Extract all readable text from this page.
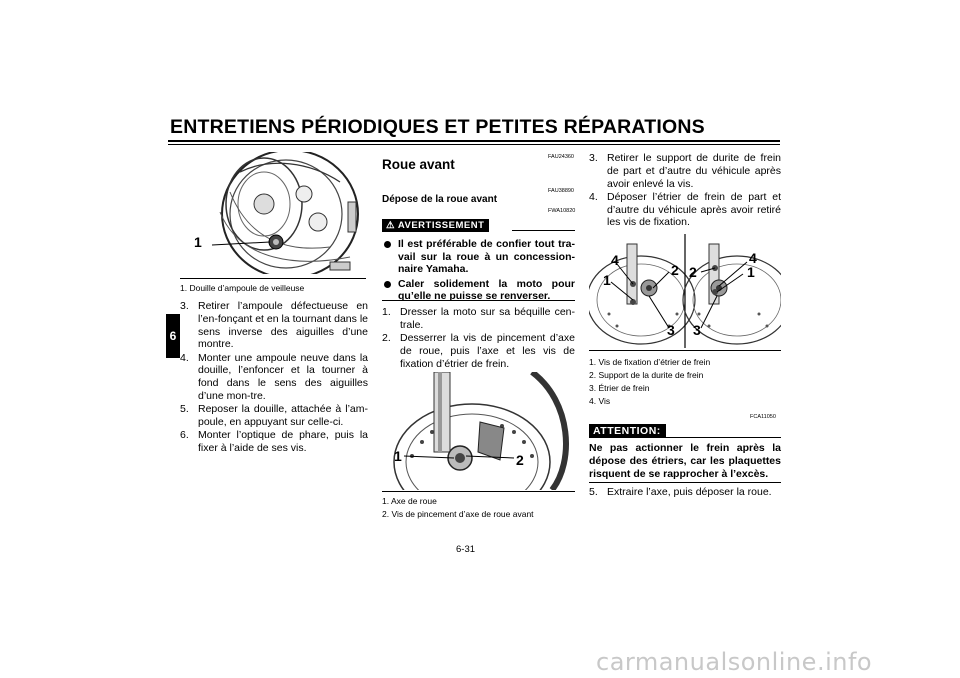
ENTRETIENS PÉRIODIQUES ET PETITES RÉPARATIONS
6
1
1. Douille d’ampoule de veilleuse
3. Retirer l’ampoule défectueuse en l’en-fonçant et en la tournant dans le sens inverse des aiguilles d’une montre.
4. Monter une ampoule neuve dans la douille, l’enfoncer et la tourner à fond dans le sens des aiguilles d’une mon-tre.
5. Reposer la douille, attachée à l’am-poule, en appuyant sur celle-ci.
6. Monter l’optique de phare, puis la fixer à l’aide de ses vis.
FAU24360
Roue avant
FAU38890
Dépose de la roue avant
FWA10820
⚠ AVERTISSEMENT
Il est préférable de confier tout tra-vail sur la roue à un concession-naire Yamaha.
Caler solidement la moto pour qu’elle ne puisse se renverser.
1. Dresser la moto sur sa béquille cen-trale.
2. Desserrer la vis de pincement d’axe de roue, puis l’axe et les vis de fixation d’étrier de frein.
1	2
1. Axe de roue
2. Vis de pincement d’axe de roue avant
3. Retirer le support de durite de frein de part et d’autre du véhicule après avoir enlevé la vis.
4. Déposer l’étrier de frein de part et d’autre du véhicule après avoir retiré les vis de fixation.
4
1
2
3
2
4
1
3
1. Vis de fixation d’étrier de frein
2. Support de la durite de frein
3. Étrier de frein
4. Vis
FCA11050
ATTENTION:
Ne pas actionner le frein après la dépose des étriers, car les plaquettes risquent de se rapprocher à l’excès.
5. Extraire l’axe, puis déposer la roue.
6-31
carmanualsonline.info
